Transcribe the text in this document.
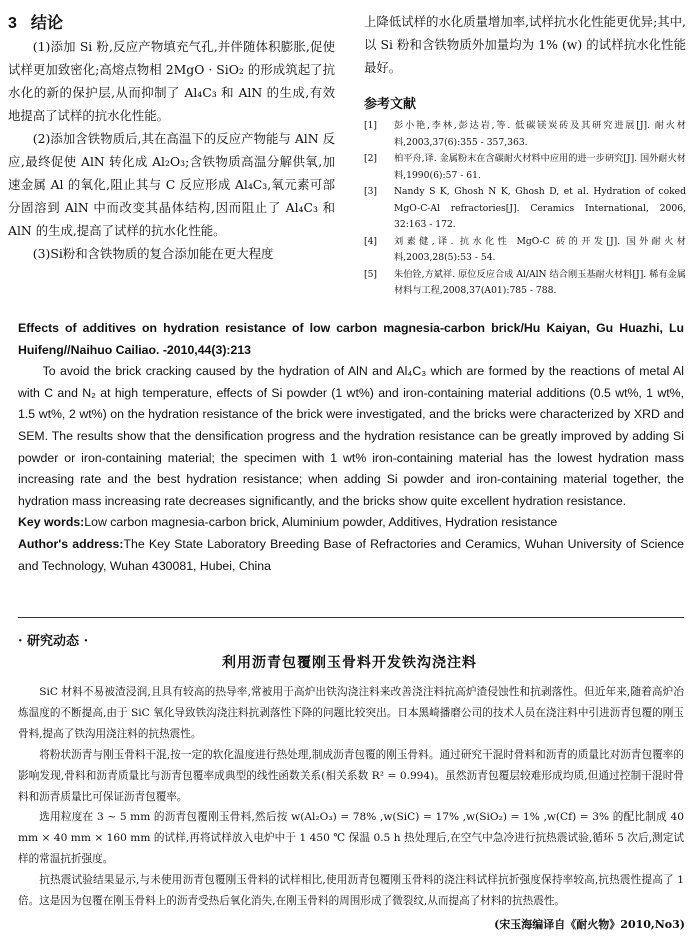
3 结论

(1)添加 Si 粉,反应产物填充气孔,并伴随体积膨胀,促使试样更加致密化;高熔点物相 2MgO · SiO₂ 的形成筑起了抗水化的新的保护层,从而抑制了 Al₄C₃ 和 AlN 的生成,有效地提高了试样的抗水化性能。

(2)添加含铁物质后,其在高温下的反应产物能与 AlN 反应,最终促使 AlN 转化成 Al₂O₃;含铁物质高温分解供氧,加速金属 Al 的氧化,阻止其与 C 反应形成 Al₄C₃,氧元素可部分固溶到 AlN 中而改变其晶体结构,因而阻止了 Al₄C₃ 和 AlN 的生成,提高了试样的抗水化性能。

(3)Si粉和含铁物质的复合添加能在更大程度

上降低试样的水化质量增加率,试样抗水化性能更优异;其中,以 Si 粉和含铁物质外加量均为 1% (w) 的试样抗水化性能最好。

参考文献
[1]	彭小艳,李林,彭达岩,等. 低碳镁炭砖及其研究进展[J]. 耐火材料,2003,37(6):355 - 357,363.
[2]	柏平舟,译. 金属粉末在含碳耐火材料中应用的进一步研究[J]. 国外耐火材料,1990(6):57 - 61.
[3]	Nandy S K, Ghosh N K, Ghosh D, et al. Hydration of coked MgO-C-Al refractories[J]. Ceramics International, 2006, 32:163 - 172.
[4]	刘素健,译. 抗水化性 MgO-C 砖的开发[J]. 国外耐火材料,2003,28(5):53 - 54.
[5]	朱伯铨,方斌祥. 原位反应合成 Al/AlN 结合刚玉基耐火材料[J]. 稀有金属材料与工程,2008,37(A01):785 - 788.

Effects of additives on hydration resistance of low carbon magnesia-carbon brick/Hu Kaiyan, Gu Huazhi, Lu Huifeng//Naihuo Cailiao. -2010,44(3):213

To avoid the brick cracking caused by the hydration of AlN and Al₄C₃ which are formed by the reactions of metal Al with C and N₂ at high temperature, effects of Si powder (1 wt%) and iron-containing material additions (0.5 wt%, 1 wt%, 1.5 wt%, 2 wt%) on the hydration resistance of the brick were investigated, and the bricks were characterized by XRD and SEM. The results show that the densification progress and the hydration resistance can be greatly improved by adding Si powder or iron-containing material; the specimen with 1 wt% iron-containing material has the lowest hydration mass increasing rate and the best hydration resistance; when adding Si powder and iron-containing material together, the hydration mass increasing rate decreases significantly, and the bricks show quite excellent hydration resistance.

Key words:Low carbon magnesia-carbon brick, Aluminium powder, Additives, Hydration resistance

Author's address:The Key State Laboratory Breeding Base of Refractories and Ceramics, Wuhan University of Science and Technology, Wuhan 430081, Hubei, China

· 研究动态 ·
利用沥青包覆刚玉骨料开发铁沟浇注料

SiC 材料不易被渣浸润,且具有较高的热导率,常被用于高炉出铁沟浇注料来改善浇注料抗高炉渣侵蚀性和抗剥落性。但近年来,随着高炉冶炼温度的不断提高,由于 SiC 氧化导致铁沟浇注料抗剥落性下降的问题比较突出。日本黑崎播磨公司的技术人员在浇注料中引进沥青包覆的刚玉骨料,提高了铁沟用浇注料的抗热震性。

将粉状沥青与刚玉骨料干混,按一定的软化温度进行热处理,制成沥青包覆的刚玉骨料。通过研究干混时骨料和沥青的质量比对沥青包覆率的影响发现,骨料和沥青质量比与沥青包覆率成典型的线性函数关系(相关系数 R² = 0.994)。虽然沥青包覆层较难形成均质,但通过控制干混时骨料和沥青质量比可保证沥青包覆率。

选用粒度在 3 ~ 5 mm 的沥青包覆刚玉骨料,然后按 w(Al₂O₃) = 78% ,w(SiC) = 17% ,w(SiO₂) = 1% ,w(Cf) = 3% 的配比制成 40 mm × 40 mm × 160 mm 的试样,再将试样放入电炉中于 1 450 ℃ 保温 0.5 h 热处理后,在空气中急冷进行抗热震试验,循环 5 次后,测定试样的常温抗折强度。

抗热震试验结果显示,与未使用沥青包覆刚玉骨料的试样相比,使用沥青包覆刚玉骨料的浇注料试样抗折强度保持率较高,抗热震性提高了 1 倍。这是因为包覆在刚玉骨料上的沥青受热后氧化消失,在刚玉骨料的周围形成了微裂纹,从而提高了材料的抗热震性。

(宋玉海编译自《耐火物》2010,No3)
